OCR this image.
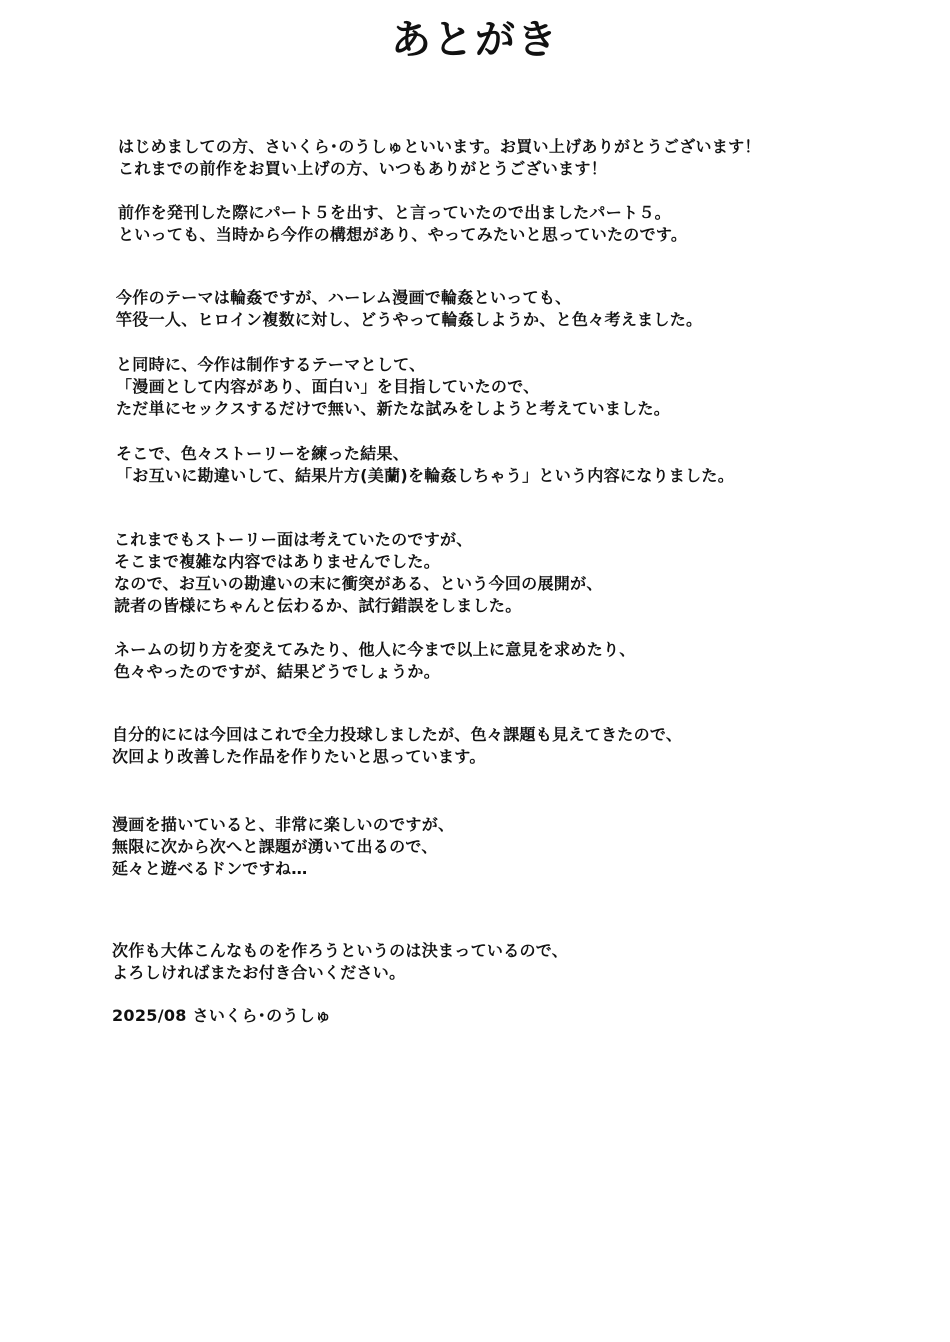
あとがき
はじめましての方、さいくら･のうしゅといいます。お買い上げありがとうございます！
これまでの前作をお買い上げの方、いつもありがとうございます！
前作を発刊した際にパート５を出す、と言っていたので出ましたパート５。
といっても、当時から今作の構想があり、やってみたいと思っていたのです。
今作のテーマは輪姦ですが、ハーレム漫画で輪姦といっても、
竿役一人、ヒロイン複数に対し、どうやって輪姦しようか、と色々考えました。
と同時に、今作は制作するテーマとして、
「漫画として内容があり、面白い」を目指していたので、
ただ単にセックスするだけで無い、新たな試みをしようと考えていました。
そこで、色々ストーリーを練った結果、
「お互いに勘違いして、結果片方(美蘭)を輪姦しちゃう」という内容になりました。
これまでもストーリー面は考えていたのですが、
そこまで複雑な内容ではありませんでした。
なので、お互いの勘違いの末に衝突がある、という今回の展開が、
読者の皆様にちゃんと伝わるか、試行錯誤をしました。
ネームの切り方を変えてみたり、他人に今まで以上に意見を求めたり、
色々やったのですが、結果どうでしょうか。
自分的にには今回はこれで全力投球しましたが、色々課題も見えてきたので、
次回より改善した作品を作りたいと思っています。
漫画を描いていると、非常に楽しいのですが、
無限に次から次へと課題が湧いて出るので、
延々と遊べるドンですね…
次作も大体こんなものを作ろうというのは決まっているので、
よろしければまたお付き合いください。
2025/08 さいくら･のうしゅ
